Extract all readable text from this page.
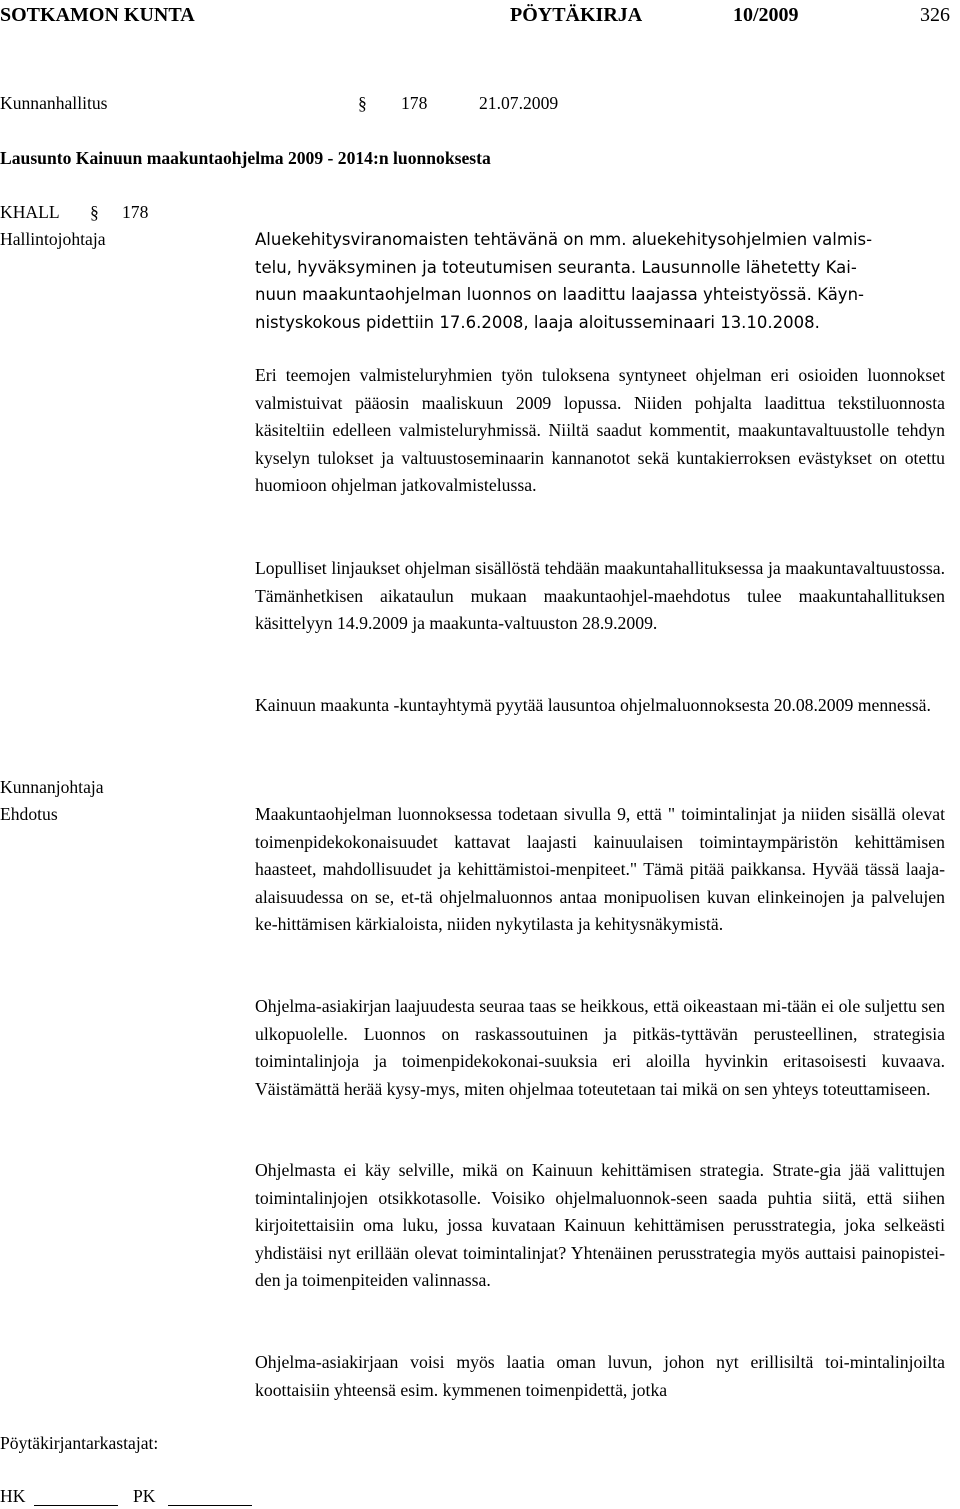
SOTKAMON KUNTA	PÖYTÄKIRJA	10/2009	326
Kunnanhallitus	§ 178	21.07.2009
Lausunto Kainuun maakuntaohjelma 2009 - 2014:n luonnoksesta
KHALL § 178
Hallintojohtaja	Aluekehitysviranomaisten tehtävänä on mm. aluekehitysohjelmien valmis-
telu, hyväksyminen ja toteutumisen seuranta. Lausunnolle lähetetty Kai-
nuun maakuntaohjelman luonnos on laadittu laajassa yhteistyössä. Käyn-
nistyskokous pidettiin 17.6.2008, laaja aloitusseminaari 13.10.2008.
Eri teemojen valmisteluryhmien työn tuloksena syntyneet ohjelman eri osioiden luonnokset valmistuivat pääosin maaliskuun 2009 lopussa. Niiden pohjalta laadittua tekstiluonnosta käsiteltiin edelleen valmisteluryhmissä. Niiltä saadut kommentit, maakuntavaltuustolle tehdyn kyselyn tulokset ja valtuustoseminaarin kannanotot sekä kuntakierroksen evästykset on otettu huomioon ohjelman jatkovalmistelussa.
Lopulliset linjaukset ohjelman sisällöstä tehdään maakuntahallituksessa ja maakuntavaltuustossa. Tämänhetkisen aikataulun mukaan maakuntaohjel-maehdotus tulee maakuntahallituksen käsittelyyn 14.9.2009 ja maakunta-valtuuston 28.9.2009.
Kainuun maakunta -kuntayhtymä pyytää lausuntoa ohjelmaluonnoksesta 20.08.2009 mennessä.
Kunnanjohtaja
Ehdotus	Maakuntaohjelman luonnoksessa todetaan sivulla 9, että " toimintalinjat ja niiden sisällä olevat toimenpidekokonaisuudet kattavat laajasti kainuulaisen toimintaympäristön kehittämisen haasteet, mahdollisuudet ja kehittämistoi-menpiteet." Tämä pitää paikkansa. Hyvää tässä laaja-alaisuudessa on se, et-tä ohjelmaluonnos antaa monipuolisen kuvan elinkeinojen ja palvelujen ke-hittämisen kärkialoista, niiden nykytilasta ja kehitysnäkymistä.
Ohjelma-asiakirjan laajuudesta seuraa taas se heikkous, että oikeastaan mi-tään ei ole suljettu sen ulkopuolelle. Luonnos on raskassoutuinen ja pitkäs-tyttävän perusteellinen, strategisia toimintalinjoja ja toimenpidekokonai-suuksia eri aloilla hyvinkin eritasoisesti kuvaava. Väistämättä herää kysy-mys, miten ohjelmaa toteutetaan tai mikä on sen yhteys toteuttamiseen.
Ohjelmasta ei käy selville, mikä on Kainuun kehittämisen strategia. Strate-gia jää valittujen toimintalinjojen otsikkotasolle. Voisiko ohjelmaluonnok-seen saada puhtia siitä, että siihen kirjoitettaisiin oma luku, jossa kuvataan Kainuun kehittämisen perusstrategia, joka selkeästi yhdistäisi nyt erillään olevat toimintalinjat? Yhtenäinen perusstrategia myös auttaisi painopistei-den ja toimenpiteiden valinnassa.
Ohjelma-asiakirjaan voisi myös laatia oman luvun, johon nyt erillisiltä toi-mintalinjoilta koottaisiin yhteensä esim. kymmenen toimenpidettä, jotka
Pöytäkirjantarkastajat:
HK	PK
